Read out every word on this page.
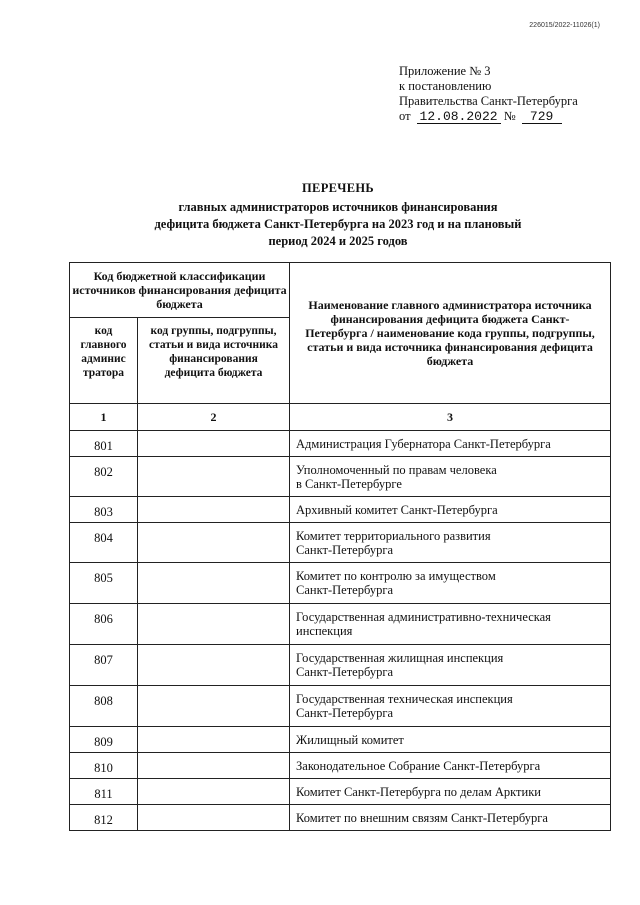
226015/2022-11026(1)
Приложение № 3
к постановлению
Правительства Санкт-Петербурга
от 12.08.2022 № 729
ПЕРЕЧЕНЬ
главных администраторов источников финансирования
дефицита бюджета Санкт-Петербурга на 2023 год и на плановый
период 2024 и 2025 годов
Код бюджетной классификации источников финансирования дефицита бюджета		Наименование главного администратора источника финансирования дефицита бюджета Санкт-Петербурга / наименование кода группы, подгруппы, статьи и вида источника финансирования дефицита бюджета
код главного админис тратора	код группы, подгруппы, статьи и вида источника финансирования дефицита бюджета	
1	2	3
801		Администрация Губернатора Санкт-Петербурга

802		Уполномоченный по правам человека
в Санкт-Петербурге

803		Архивный комитет Санкт-Петербурга

804		Комитет территориального развития
Санкт-Петербурга

805		Комитет по контролю за имуществом
Санкт-Петербурга

806		Государственная административно-техническая
инспекция

807		Государственная жилищная инспекция
Санкт-Петербурга

808		Государственная техническая инспекция
Санкт-Петербурга

809		Жилищный комитет

810		Законодательное Собрание Санкт-Петербурга

811		Комитет Санкт-Петербурга по делам Арктики

812		Комитет по внешним связям Санкт-Петербурга
